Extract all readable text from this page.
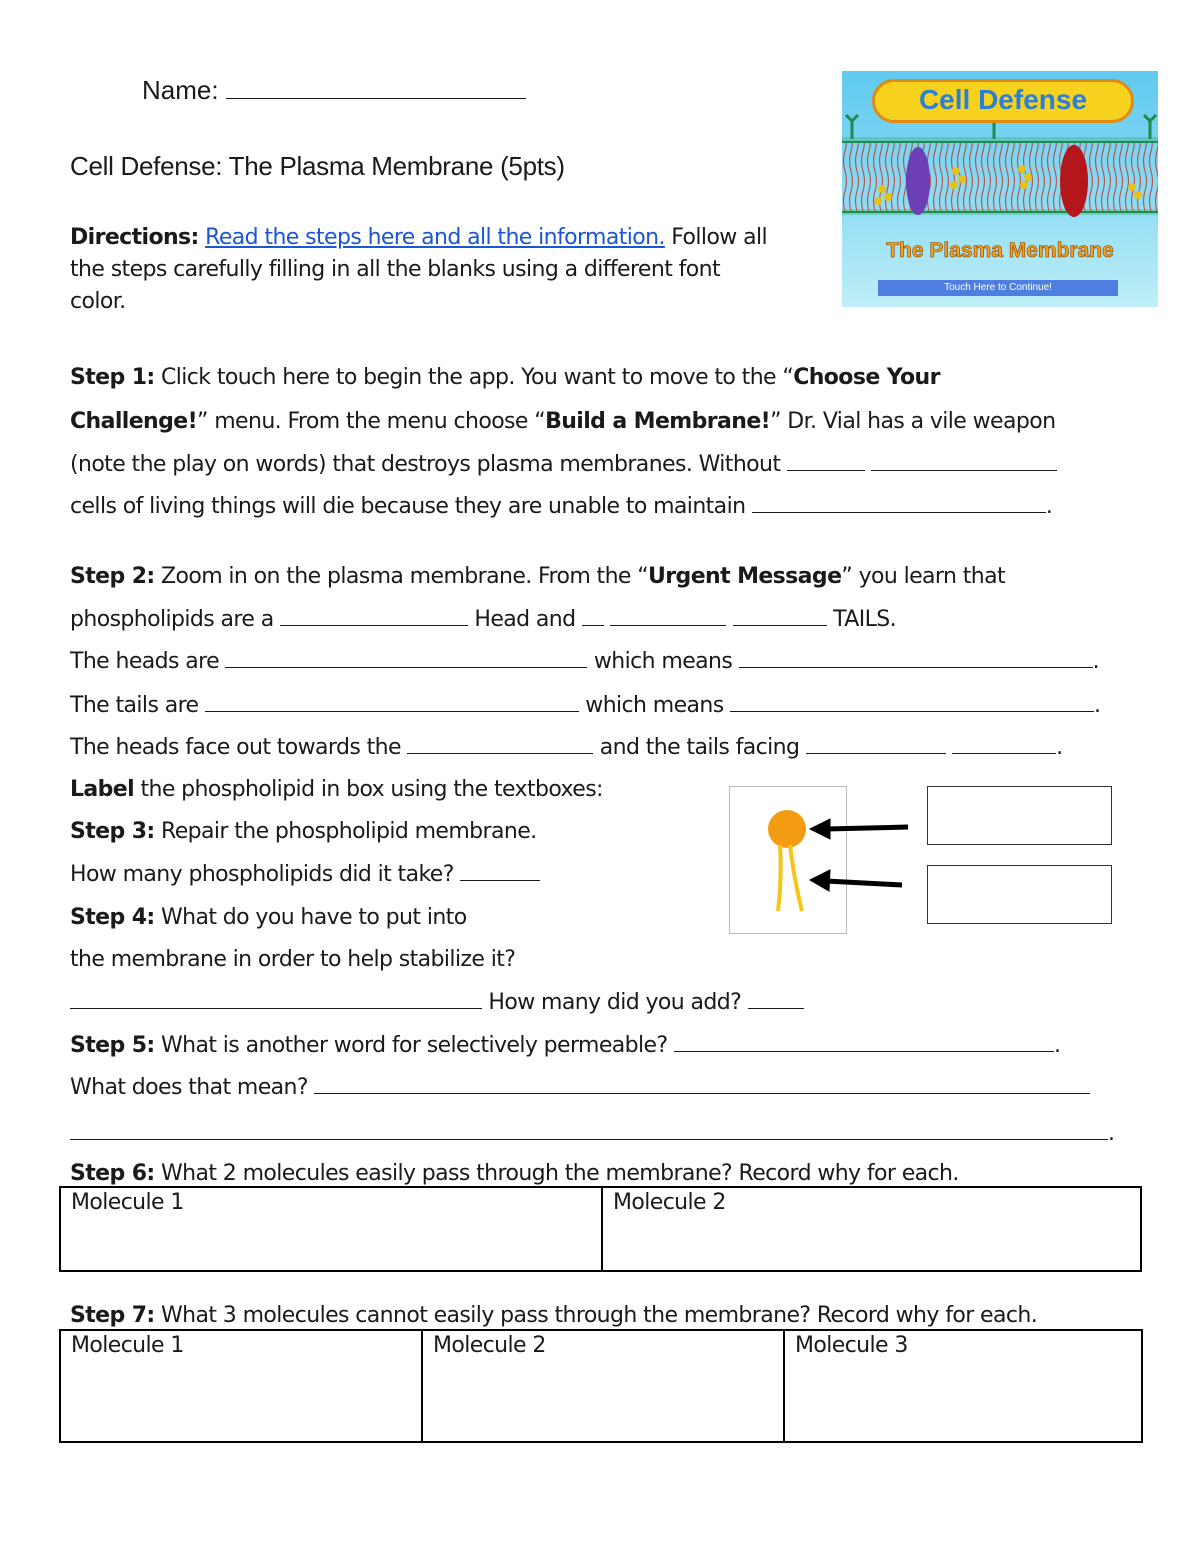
Name:
Cell Defense: The Plasma Membrane (5pts)
Directions: Read the steps here and all the information. Follow all
the steps carefully filling in all the blanks using a different font
color.
Cell Defense
The Plasma Membrane
Touch Here to Continue!
Step 1: Click touch here to begin the app. You want to move to the “Choose Your
Challenge!” menu. From the menu choose “Build a Membrane!” Dr. Vial has a vile weapon
(note the play on words) that destroys plasma membranes. Without
cells of living things will die because they are unable to maintain	.
Step 2: Zoom in on the plasma membrane. From the “Urgent Message” you learn that
phospholipids are a	Head and	TAILS.
The heads are	which means	.
The tails are	which means	.
The heads face out towards the	and the tails facing	.
Label the phospholipid in box using the textboxes:
Step 3: Repair the phospholipid membrane.
How many phospholipids did it take?
Step 4: What do you have to put into
the membrane in order to help stabilize it?
How many did you add?
Step 5: What is another word for selectively permeable?	.
What does that mean?
.
Step 6: What 2 molecules easily pass through the membrane? Record why for each.
Molecule 1	Molecule 2
Step 7: What 3 molecules cannot easily pass through the membrane? Record why for each.
Molecule 1	Molecule 2	Molecule 3
